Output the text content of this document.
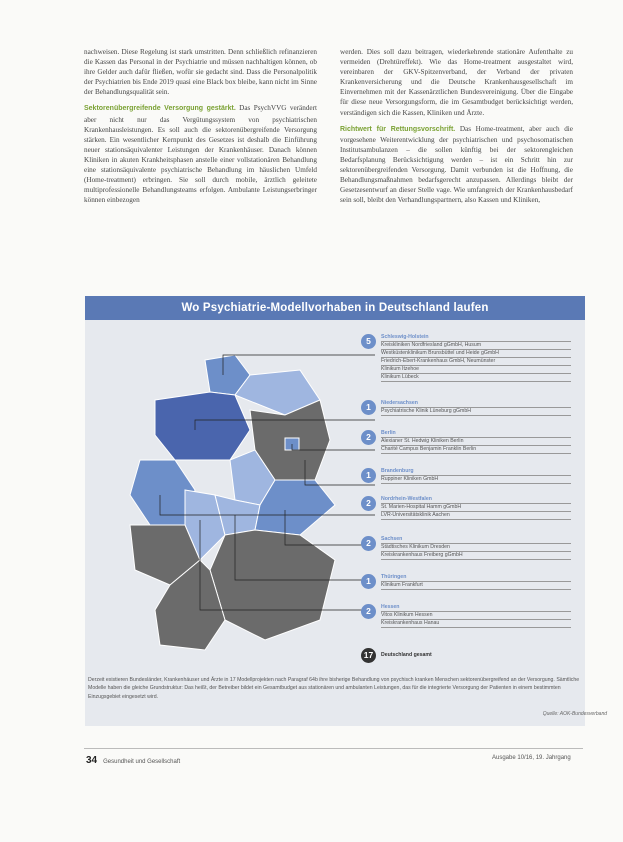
nachweisen. Diese Regelung ist stark umstritten. Denn schließlich refinanzieren die Kassen das Personal in der Psychiatrie und müssen nachhaltigen können, ob ihre Gelder auch dafür fließen, wofür sie gedacht sind. Dass die Personalpolitik der Psychiatrien bis Ende 2019 quasi eine Black box bleibe, kann nicht im Sinne der Behandlungsqualität sein.

Sektorenübergreifende Versorgung gestärkt. Das PsychVVG verändert aber nicht nur das Vergütungssystem von psychiatrischen Krankenhausleistungen. Es soll auch die sektorenübergreifende Versorgung stärken. Ein wesentlicher Kernpunkt des Gesetzes ist deshalb die Einführung neuer stationsäquivalenter Leistungen der Krankenhäuser. Danach können Kliniken in akuten Krankheitsphasen anstelle einer vollstationären Behandlung eine stationsäquivalente psychiatrische Behandlung im häuslichen Umfeld (Home-treatment) erbringen. Sie soll durch mobile, ärztlich geleitete multiprofessionelle Behandlungsteams erfolgen. Ambulante Leistungserbringer können einbezogen

werden. Dies soll dazu beitragen, wiederkehrende stationäre Aufenthalte zu vermeiden (Drehtüreffekt). Wie das Home-treatment ausgestaltet wird, vereinbaren der GKV-Spitzenverband, der Verband der privaten Krankenversicherung und die Deutsche Krankenhausgesellschaft im Einvernehmen mit der Kassenärztlichen Bundesvereinigung. Über die Eingabe für diese neue Versorgungsform, die im Gesamtbudget berücksichtigt werden, verständigen sich die Kassen, Kliniken und Ärzte.

Richtwert für Rettungsvorschrift. Das Home-treatment, aber auch die vorgesehene Weiterentwicklung der psychiatrischen und psychosomatischen Institutsambulanzen – die sollen künftig bei der sektorengleichen Bedarfsplanung Berücksichtigung werden – ist ein Schritt hin zur sektorenübergreifenden Versorgung. Damit verbunden ist die Hoffnung, die Behandlungsmaßnahmen bedarfsgerecht anzupassen. Allerdings bleibt der Gesetzesentwurf an dieser Stelle vage. Wie umfangreich der Krankenhausbedarf sein soll, bleibt den Verhandlungspartnern, also Kassen und Kliniken,

Wo Psychiatrie-Modellvorhaben in Deutschland laufen
5	Schleswig-Holstein
Kreiskliniken Nordfriesland gGmbH, Husum
Westküstenklinikum Brunsbüttel und Heide gGmbH
Friedrich-Ebert-Krankenhaus GmbH, Neumünster
Klinikum Itzehoe
Klinikum Lübeck
1	Niedersachsen
Psychiatrische Klinik Lüneburg gGmbH
2	Berlin
Alexianer St. Hedwig Kliniken Berlin
Charité Campus Benjamin Franklin Berlin
1	Brandenburg
Ruppiner Kliniken GmbH
2	Nordrhein-Westfalen
St. Marien-Hospital Hamm gGmbH
LVR-Universitätsklinik Aachen
2	Sachsen
Städtisches Klinikum Dresden
Kreiskrankenhaus Freiberg gGmbH
1	Thüringen
Klinikum Frankfurt
2	Hessen
Vitos Klinikum Hessen
Kreiskrankenhaus Hanau
17	Deutschland gesamt
Derzeit existieren Bundesländer, Krankenhäuser und Ärzte in 17 Modellprojekten nach Paragraf 64b ihre bisherige Behandlung von psychisch kranken Menschen sektorenübergreifend an der Versorgung. Sämtliche Modelle haben die gleiche Grundstruktur: Das heißt, der Betreiber bildet ein Gesamtbudget aus stationären und ambulanten Leistungen, das für die integrierte Versorgung der Patienten in einem bestimmten Einzugsgebiet eingesetzt wird.
Quelle: AOK-Bundesverband
34 Gesundheit und Gesellschaft
Ausgabe 10/16, 19. Jahrgang
